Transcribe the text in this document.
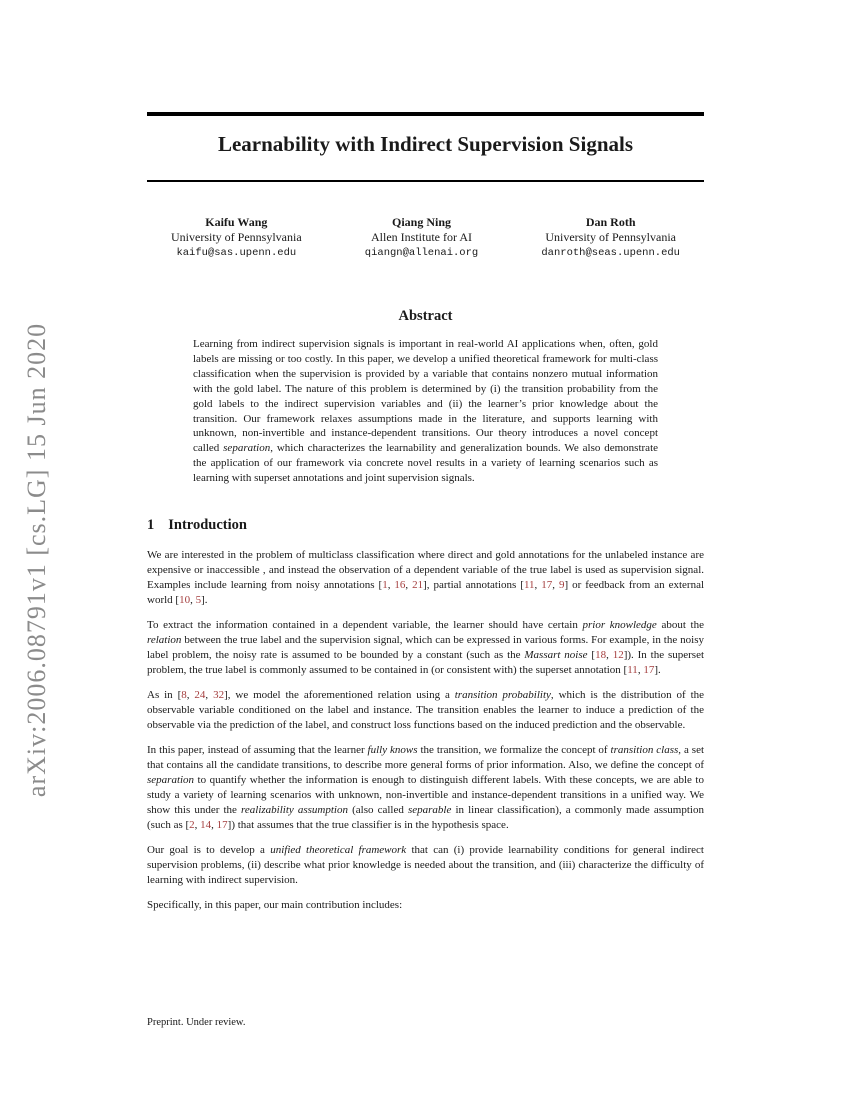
arXiv:2006.08791v1 [cs.LG] 15 Jun 2020
Learnability with Indirect Supervision Signals
Kaifu Wang
University of Pennsylvania
kaifu@sas.upenn.edu
Qiang Ning
Allen Institute for AI
qiangn@allenai.org
Dan Roth
University of Pennsylvania
danroth@seas.upenn.edu
Abstract
Learning from indirect supervision signals is important in real-world AI applications when, often, gold labels are missing or too costly. In this paper, we develop a unified theoretical framework for multi-class classification when the supervision is provided by a variable that contains nonzero mutual information with the gold label. The nature of this problem is determined by (i) the transition probability from the gold labels to the indirect supervision variables and (ii) the learner’s prior knowledge about the transition. Our framework relaxes assumptions made in the literature, and supports learning with unknown, non-invertible and instance-dependent transitions. Our theory introduces a novel concept called separation, which characterizes the learnability and generalization bounds. We also demonstrate the application of our framework via concrete novel results in a variety of learning scenarios such as learning with superset annotations and joint supervision signals.
1 Introduction

We are interested in the problem of multiclass classification where direct and gold annotations for the unlabeled instance are expensive or inaccessible , and instead the observation of a dependent variable of the true label is used as supervision signal. Examples include learning from noisy annotations [1, 16, 21], partial annotations [11, 17, 9] or feedback from an external world [10, 5].

To extract the information contained in a dependent variable, the learner should have certain prior knowledge about the relation between the true label and the supervision signal, which can be expressed in various forms. For example, in the noisy label problem, the noisy rate is assumed to be bounded by a constant (such as the Massart noise [18, 12]). In the superset problem, the true label is commonly assumed to be contained in (or consistent with) the superset annotation [11, 17].

As in [8, 24, 32], we model the aforementioned relation using a transition probability, which is the distribution of the observable variable conditioned on the label and instance. The transition enables the learner to induce a prediction of the observable via the prediction of the label, and construct loss functions based on the induced prediction and the observable.

In this paper, instead of assuming that the learner fully knows the transition, we formalize the concept of transition class, a set that contains all the candidate transitions, to describe more general forms of prior information. Also, we define the concept of separation to quantify whether the information is enough to distinguish different labels. With these concepts, we are able to study a variety of learning scenarios with unknown, non-invertible and instance-dependent transitions in a unified way. We show this under the realizability assumption (also called separable in linear classification), a commonly made assumption (such as [2, 14, 17]) that assumes that the true classifier is in the hypothesis space.

Our goal is to develop a unified theoretical framework that can (i) provide learnability conditions for general indirect supervision problems, (ii) describe what prior knowledge is needed about the transition, and (iii) characterize the difficulty of learning with indirect supervision.

Specifically, in this paper, our main contribution includes:

Preprint. Under review.
